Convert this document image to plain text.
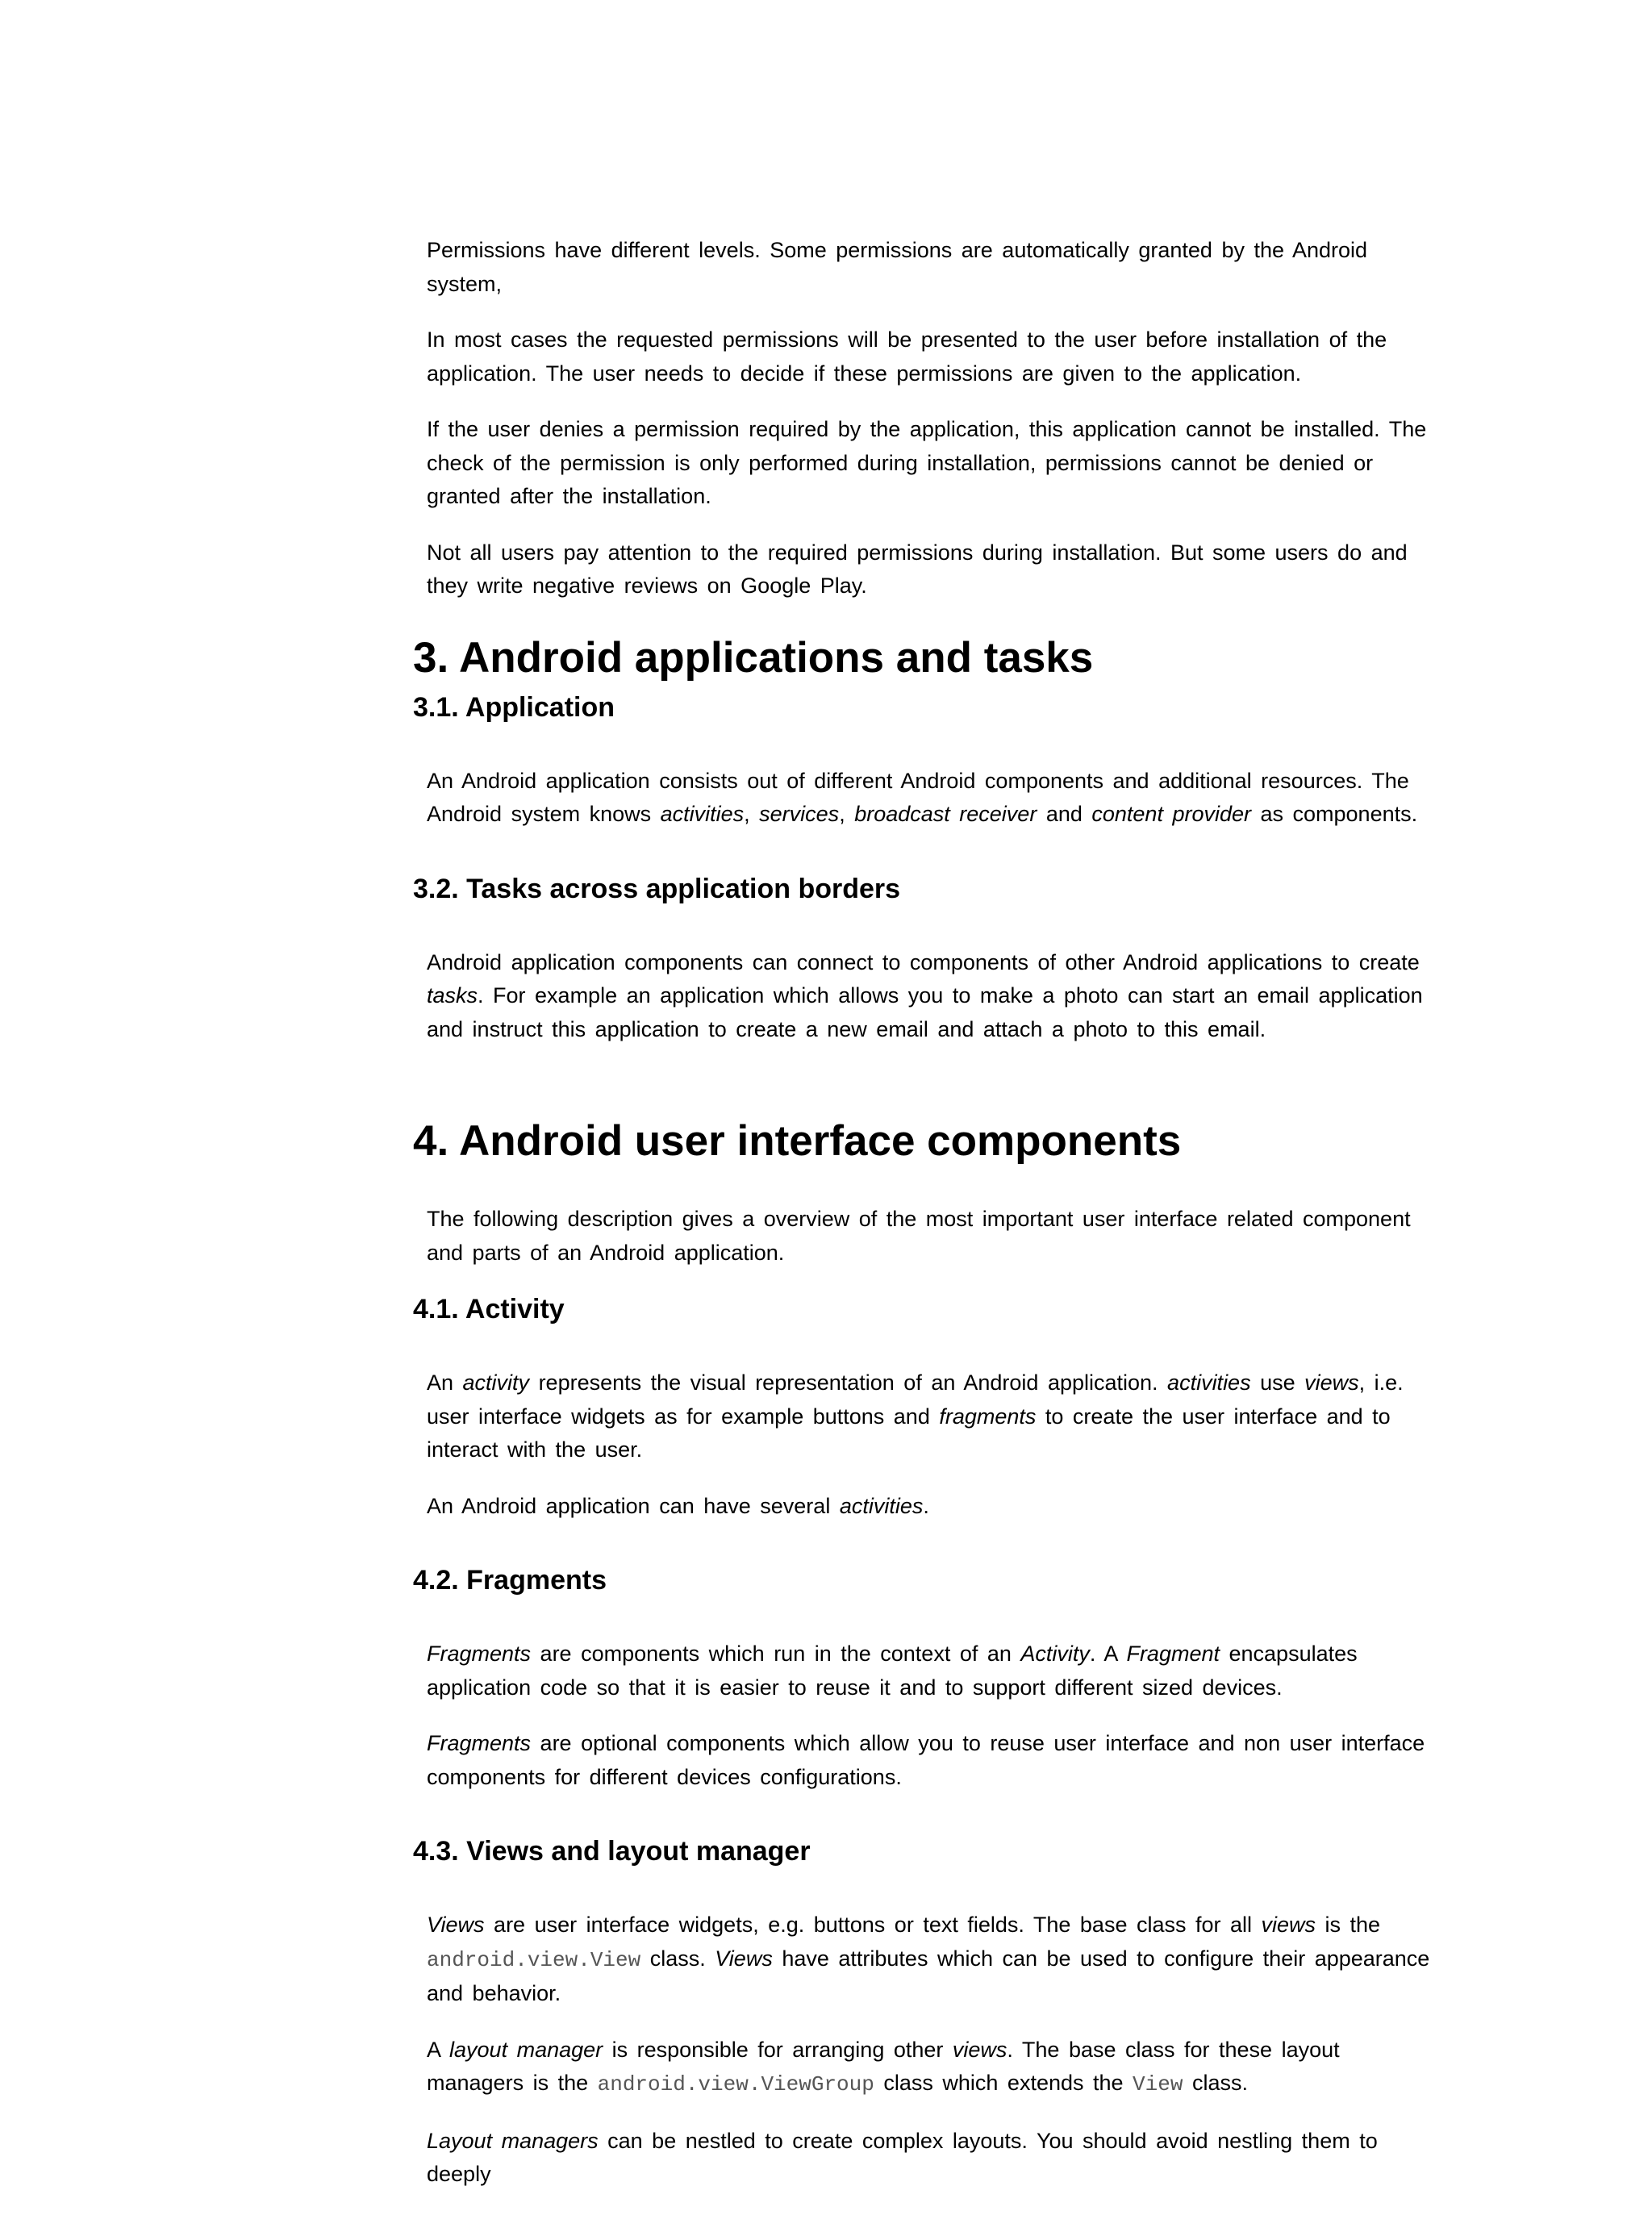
Permissions have different levels. Some permissions are automatically granted by the Android system,

In most cases the requested permissions will be presented to the user before installation of the application. The user needs to decide if these permissions are given to the application.

If the user denies a permission required by the application, this application cannot be installed. The check of the permission is only performed during installation, permissions cannot be denied or granted after the installation.

Not all users pay attention to the required permissions during installation. But some users do and they write negative reviews on Google Play.

3. Android applications and tasks
3.1. Application

An Android application consists out of different Android components and additional resources. The Android system knows activities, services, broadcast receiver and content provider as components.

3.2. Tasks across application borders

Android application components can connect to components of other Android applications to create tasks. For example an application which allows you to make a photo can start an email application and instruct this application to create a new email and attach a photo to this email.

4. Android user interface components

The following description gives a overview of the most important user interface related component and parts of an Android application.

4.1. Activity

An activity represents the visual representation of an Android application. activities use views, i.e. user interface widgets as for example buttons and fragments to create the user interface and to interact with the user.

An Android application can have several activities.

4.2. Fragments

Fragments are components which run in the context of an Activity. A Fragment encapsulates application code so that it is easier to reuse it and to support different sized devices.

Fragments are optional components which allow you to reuse user interface and non user interface components for different devices configurations.

4.3. Views and layout manager

Views are user interface widgets, e.g. buttons or text fields. The base class for all views is the android.view.View class. Views have attributes which can be used to configure their appearance and behavior.

A layout manager is responsible for arranging other views. The base class for these layout managers is the android.view.ViewGroup class which extends the View class.

Layout managers can be nestled to create complex layouts. You should avoid nestling them to deeply
